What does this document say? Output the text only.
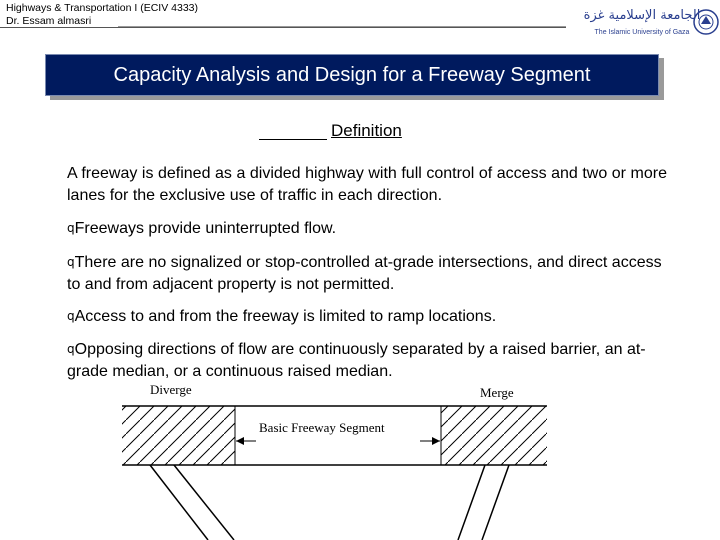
Highways & Transportation I (ECIV 4333)
Dr. Essam almasri	الجامعة الإسلامية غزة
The Islamic University of Gaza
Capacity Analysis and Design for a Freeway Segment
Definition
A freeway is defined as a divided highway with full control of access and two or more lanes for the exclusive use of traffic in each direction.
qFreeways provide uninterrupted flow.
qThere are no signalized or stop-controlled at-grade intersections, and direct access to and from adjacent property is not permitted.
qAccess to and from the freeway is limited to ramp locations.
qOpposing directions of flow are continuously separated by a raised barrier, an at-grade median, or a continuous raised median.
Diverge	Merge
Basic Freeway Segment
